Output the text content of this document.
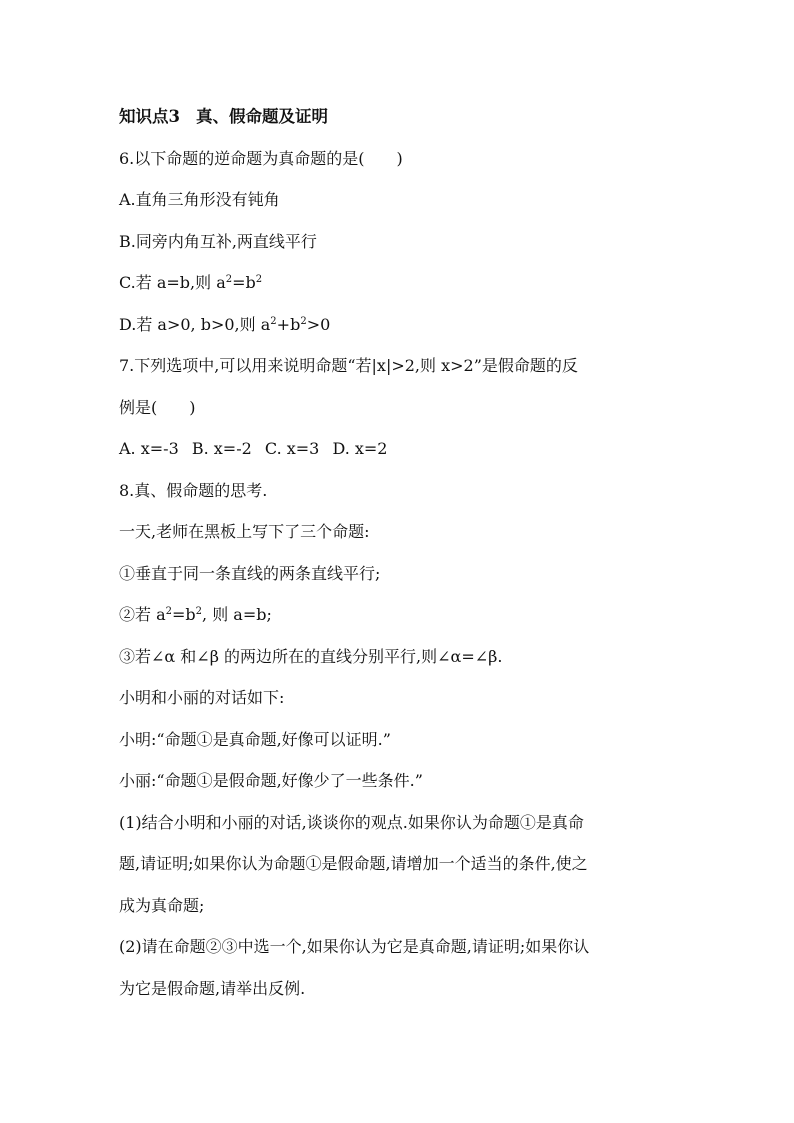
知识点3 真、假命题及证明
6.以下命题的逆命题为真命题的是(　　)
A.直角三角形没有钝角
B.同旁内角互补,两直线平行
C.若 a=b,则 $a^2=b^2$
D.若 a>0, b>0,则 $a^2+b^2>0$
7.下列选项中,可以用来说明命题“若|x|>2,则 x>2”是假命题的反
例是(　　)
A. x=-3 B. x=-2 C. x=3 D. x=2
8.真、假命题的思考.
一天,老师在黑板上写下了三个命题:
①垂直于同一条直线的两条直线平行;
②若 $a^2=b^2$, 则 a=b;
③若∠α 和∠β 的两边所在的直线分别平行,则∠α=∠β.
小明和小丽的对话如下:
小明:“命题①是真命题,好像可以证明.”
小丽:“命题①是假命题,好像少了一些条件.”
(1)结合小明和小丽的对话,谈谈你的观点.如果你认为命题①是真命
题,请证明;如果你认为命题①是假命题,请增加一个适当的条件,使之
成为真命题;
(2)请在命题②③中选一个,如果你认为它是真命题,请证明;如果你认
为它是假命题,请举出反例.
